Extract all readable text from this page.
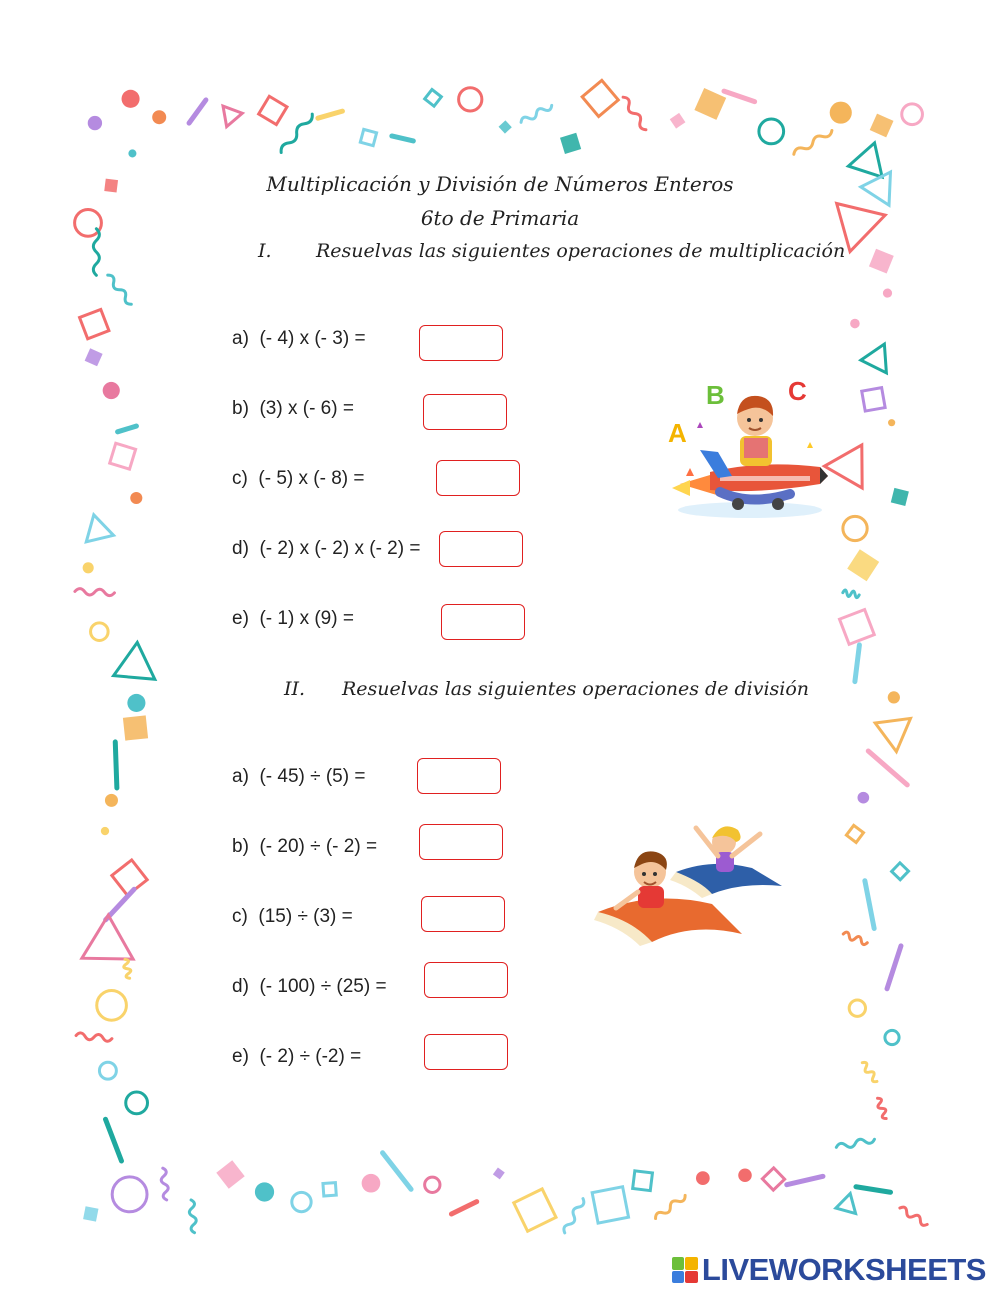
Multiplicación y División de Números Enteros
6to de Primaria
I. Resuelvas las siguientes operaciones de multiplicación
a) (- 4) x (- 3) =
b) (3) x (- 6) =
c) (- 5) x (- 8) =
d) (- 2) x (- 2) x (- 2) =
e) (- 1) x (9) =
II. Resuelvas las siguientes operaciones de división
a) (- 45) ÷ (5) =
b) (- 20) ÷ (- 2) =
c) (15) ÷ (3) =
d) (- 100) ÷ (25) =
e) (- 2) ÷ (-2) =
A
B C
LIVEWORKSHEETS
